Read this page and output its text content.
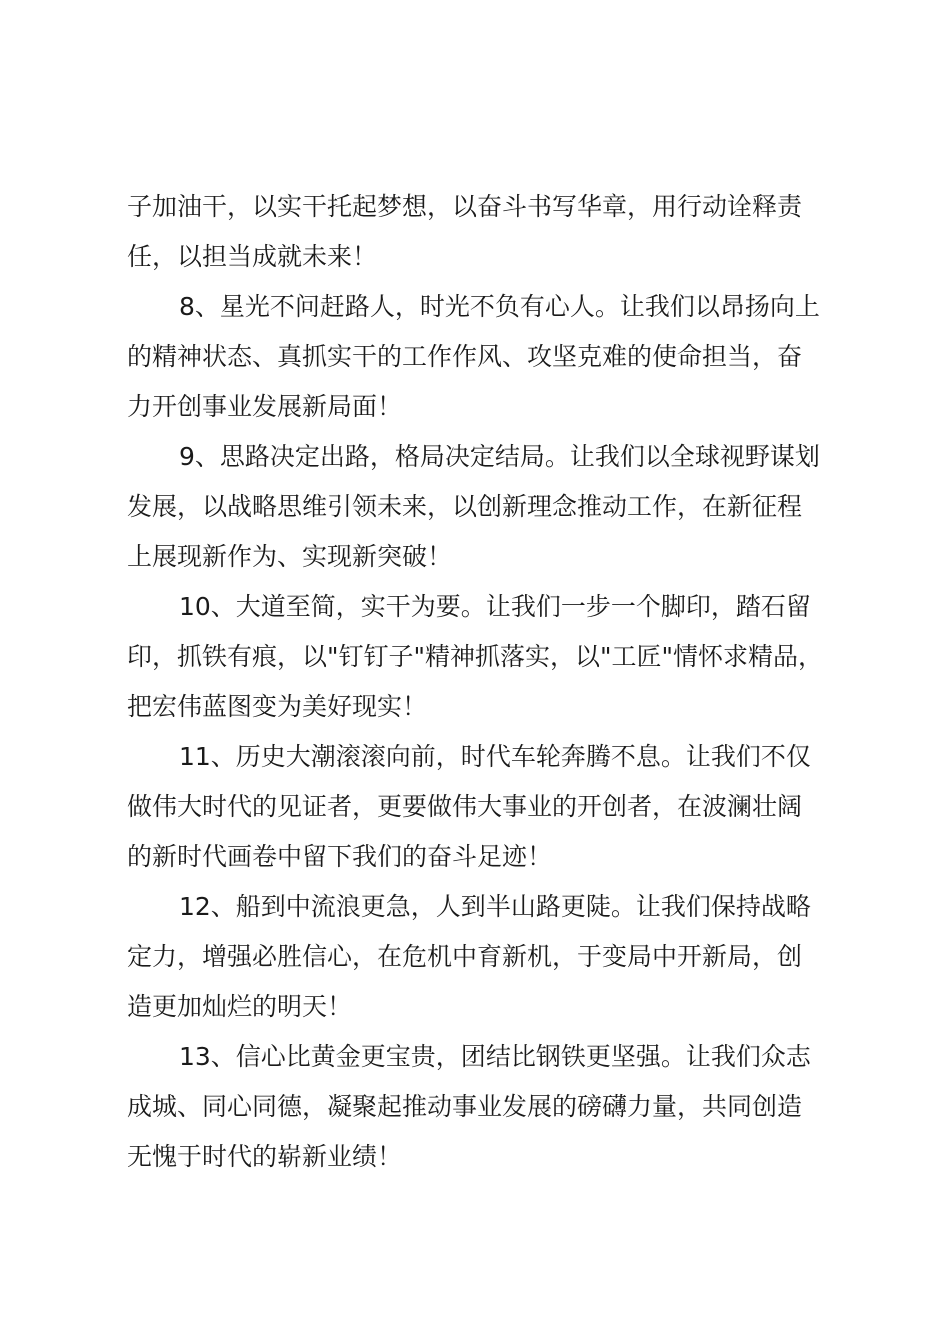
子加油干，以实干托起梦想，以奋斗书写华章，用行动诠释责
任，以担当成就未来！
8、星光不问赶路人，时光不负有心人。让我们以昂扬向上
的精神状态、真抓实干的工作作风、攻坚克难的使命担当，奋
力开创事业发展新局面！
9、思路决定出路，格局决定结局。让我们以全球视野谋划
发展，以战略思维引领未来，以创新理念推动工作，在新征程
上展现新作为、实现新突破！
10、大道至简，实干为要。让我们一步一个脚印，踏石留
印，抓铁有痕，以"钉钉子"精神抓落实，以"工匠"情怀求精品，
把宏伟蓝图变为美好现实！
11、历史大潮滚滚向前，时代车轮奔腾不息。让我们不仅
做伟大时代的见证者，更要做伟大事业的开创者，在波澜壮阔
的新时代画卷中留下我们的奋斗足迹！
12、船到中流浪更急，人到半山路更陡。让我们保持战略
定力，增强必胜信心，在危机中育新机，于变局中开新局，创
造更加灿烂的明天！
13、信心比黄金更宝贵，团结比钢铁更坚强。让我们众志
成城、同心同德，凝聚起推动事业发展的磅礴力量，共同创造
无愧于时代的崭新业绩！
